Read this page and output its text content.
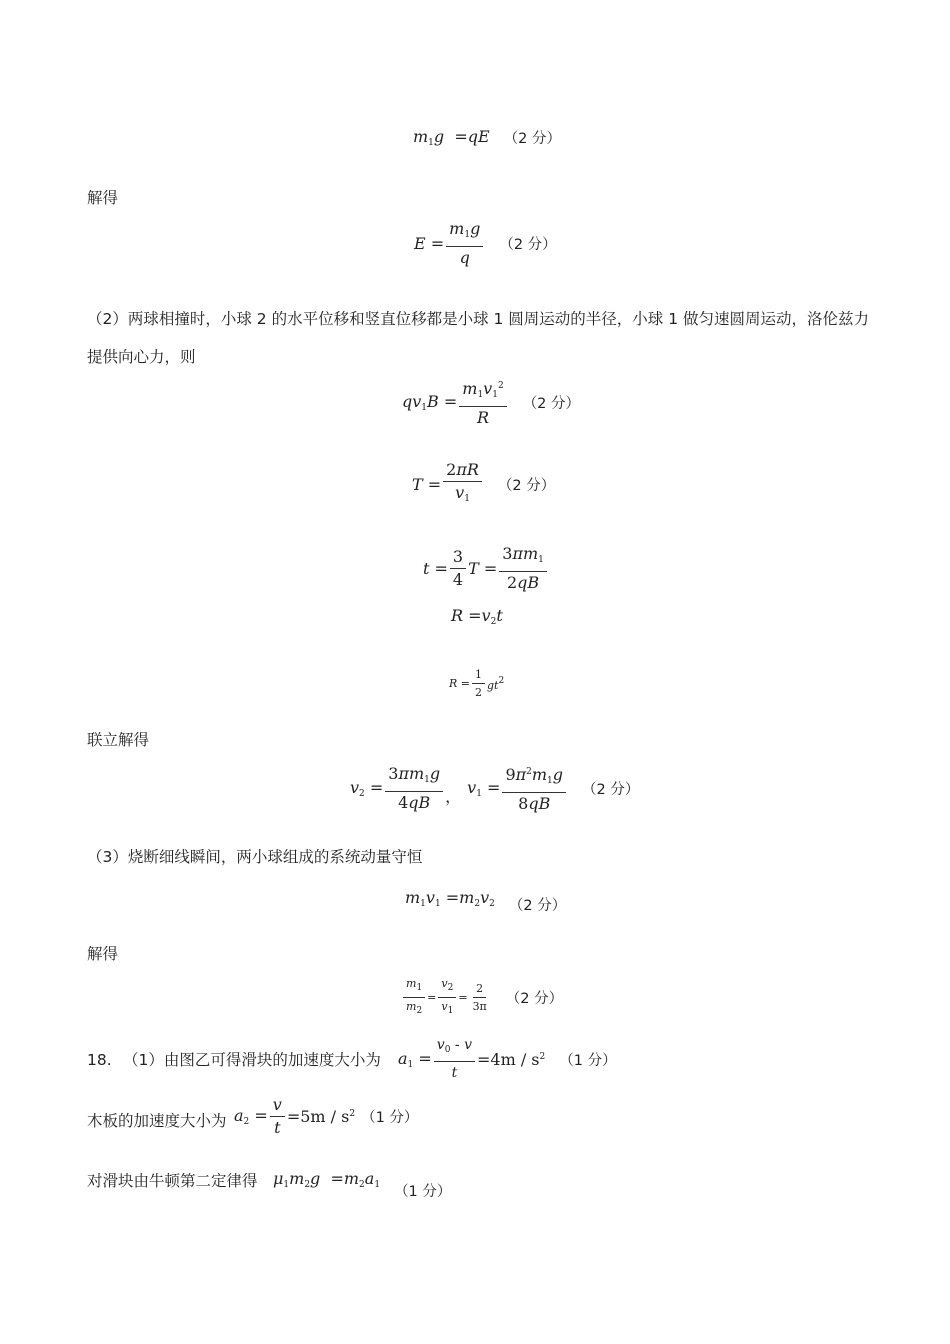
$m_1g =qE$ （2 分）
解得
$E = \frac{m_1g}{q} (2$ 分）
（2）两球相撞时，小球 2 的水平位移和竖直位移都是小球 1 圆周运动的半径，小球 1 做匀速圆周运动，洛伦兹力提供向心力，则
$qv_1B = \frac{m_1v_1^2}{R} (2$ 分）
$T = \frac{2\pi R}{v_1} (2$ 分）
$t = \frac{3}{4}$ $T = \frac{3\pi m_1}{2qB}$
$R =v_2t$
$R = \frac{1}{2} gt^2$
联立解得
$v_2 = \frac{3\pi m_1g}{4qB}$ ， $v_1 = \frac{9\pi^2m_1g}{8qB} (2$ 分）
（3）烧断细线瞬间，两小球组成的系统动量守恒
$m_1v_1 =m_2v_2$ （2 分）
解得
$\frac{m_1}{m_2} = \frac{v_2}{v_1} = \frac{2}{3\pi} (2$ 分）
18. （1）由图乙可得滑块的加速度大小为 $a_1 = \frac{v_0 - v}{t} =4m / s^2$ （1 分）
木板的加速度大小为 $a_2 = \frac{v}{t} =5m / s^2$ （1 分）
对滑块由牛顿第二定律得 $\mu_1m_2g =m_2a_1$ （1 分）
